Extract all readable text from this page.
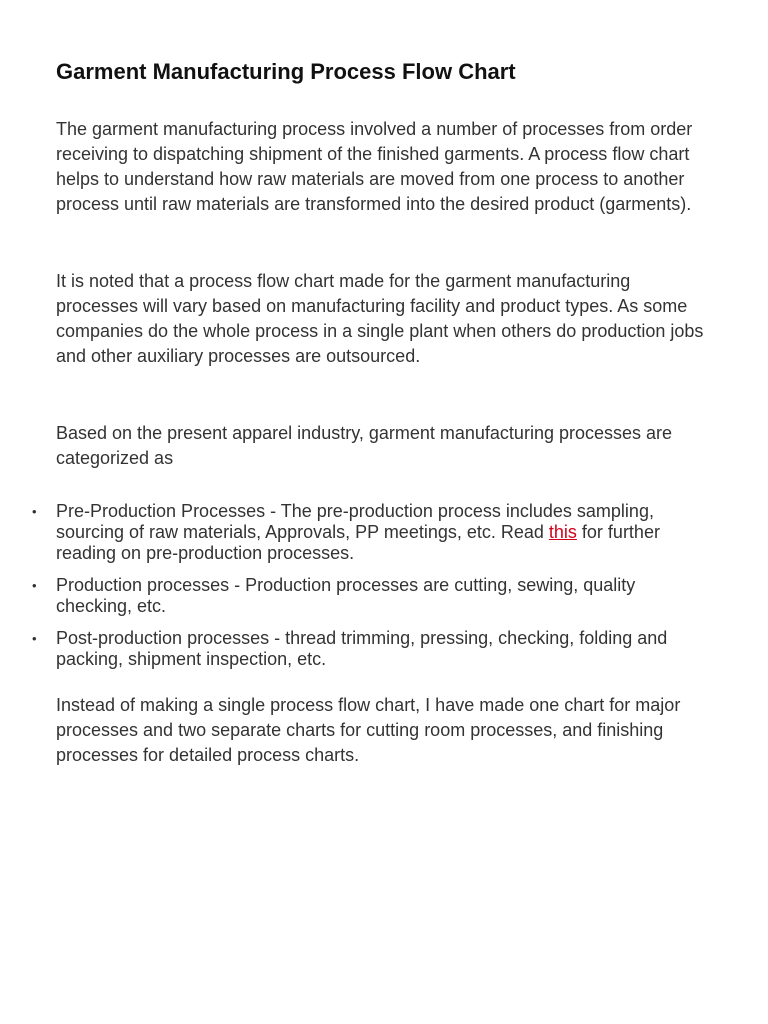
Garment Manufacturing Process Flow Chart

The garment manufacturing process involved a number of processes from order receiving to dispatching shipment of the finished garments. A process flow chart helps to understand how raw materials are moved from one process to another process until raw materials are transformed into the desired product (garments).

It is noted that a process flow chart made for the garment manufacturing processes will vary based on manufacturing facility and product types. As some companies do the whole process in a single plant when others do production jobs and other auxiliary processes are outsourced.

Based on the present apparel industry, garment manufacturing processes are categorized as

• Pre-Production Processes - The pre-production process includes sampling, sourcing of raw materials, Approvals, PP meetings, etc. Read this for further reading on pre-production processes.
• Production processes - Production processes are cutting, sewing, quality checking, etc.
• Post-production processes - thread trimming, pressing, checking, folding and packing, shipment inspection, etc.

Instead of making a single process flow chart, I have made one chart for major processes and two separate charts for cutting room processes, and finishing processes for detailed process charts.
